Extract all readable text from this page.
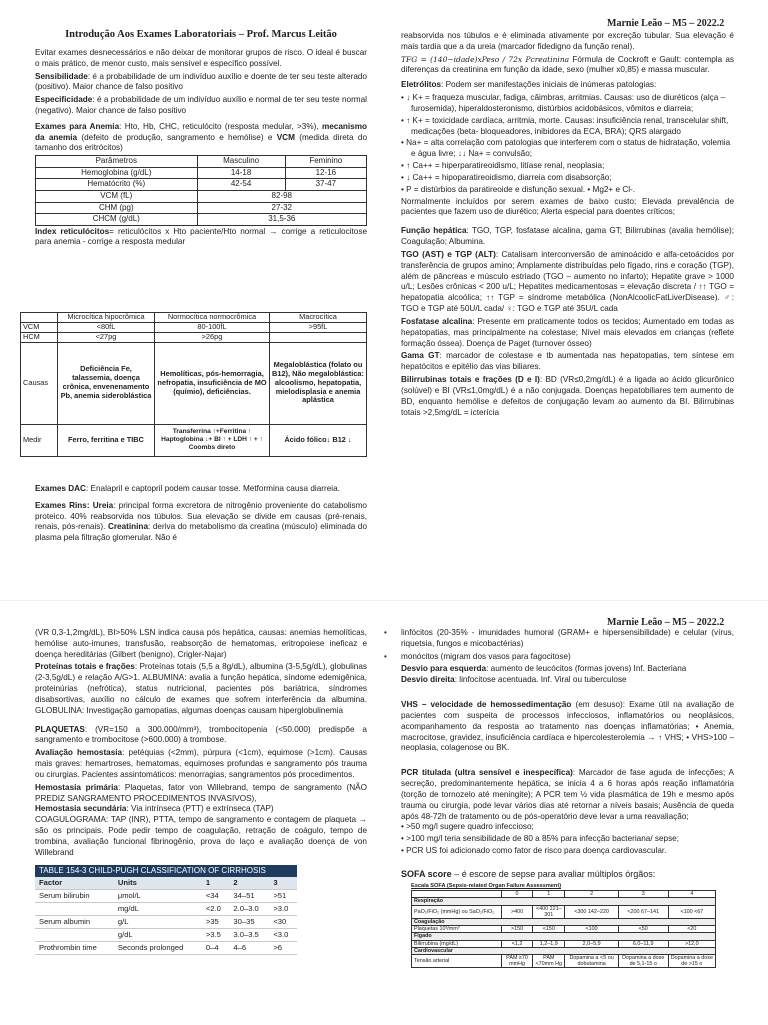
Marnie Leão – M5 – 2022.2
Introdução Aos Exames Laboratoriais – Prof. Marcus Leitão

Evitar exames desnecessários e não deixar de monitorar grupos de risco. O ideal é buscar o mais prático, de menor custo, mais sensível e específico possível.

Sensibilidade: é a probabilidade de um indivíduo auxílio e doente de ter seu teste alterado (positivo). Maior chance de falso positivo

Especificidade: é a probabilidade de um indivíduo auxílio e normal de ter seu teste normal (negativo). Maior chance de falso positivo

Exames para Anemia: Hto, Hb, CHC, reticulócito (resposta medular, >3%), mecanismo da anemia (defeito de produção, sangramento e hemólise) e VCM (medida direta do tamanho dos eritrócitos)

Parâmetros	Masculino	Feminino
Hemoglobina (g/dL)	14-18	12-16
Hematócrito (%)	42-54	37-47
VCM (fL)	82-98	
CHM (pg)	27-32	
CHCM (g/dL)	31,5-36	

Index reticulócitos= reticulócitos x Hto paciente/Hto normal → corrige a reticulocitose para anemia - corrige a resposta medular

	Microcítica hipocrômica	Normocítica normocrômica	Macrocítica
VCM	<80fL	80-100fL	>95fL
HCM	<27pg	>26pg	
Causas	Deficiência Fe, talassemia, doença crônica, envenenamento Pb, anemia sideroblástica	Hemolíticas, pós-hemorragia, nefropatia, insuficiência de MO (químio), deficiências.	Megaloblástica (folato ou B12), Não megaloblástica: alcoolismo, hepatopatia, mielodisplasia e anemia aplástica
Medir	Ferro, ferritina e TIBC	Transferrina ↑+Ferritina ↑ Haptoglobina ↓+ BI ↑ + LDH ↑ + ↑ Coombs direto	Ácido fólico↓ B12 ↓

Exames DAC: Enalapril e captopril podem causar tosse. Metformina causa diarreia.

Exames Rins: Ureia: principal forma excretora de nitrogênio proveniente do catabolismo proteico. 40% reabsorvida nos túbulos. Sua elevação se divide em causas (pré-renais, renais, pós-renais). Creatinina: deriva do metabolismo da creatina (músculo) eliminada do plasma pela filtração glomerular. Não é

reabsorvida nos túbulos e é eliminada ativamente por excreção tubular. Sua elevação é mais tardia que a da ureia (marcador fidedigno da função renal).

TFG = (140−idade)xPeso / 72x Pcreatinina Fórmula de Cockroft e Gault: contempla as diferenças da creatinina em função da idade, sexo (mulher x0,85) e massa muscular.

Eletrólitos: Podem ser manifestações iniciais de inúmeras patologias:

• ↓ K+ = fraqueza muscular, fadiga, câimbras, arritmias. Causas: uso de diuréticos (alça – furosemida), hiperaldosteronismo, distúrbios acidobásicos, vômitos e diarreia;
• ↑ K+ = toxicidade cardíaca, arritmia, morte. Causas: insuficiência renal, transcelular shift, medicações (beta- bloqueadores, inibidores da ECA, BRA); QRS alargado
• Na+ = alta correlação com patologias que interferem com o status de hidratação, volemia e água livre; ↓↓ Na+ = convulsão;
• ↑ Ca++ = hiperparatireoidismo, litíase renal, neoplasia;
• ↓ Ca++ = hipoparatireoidismo, diarreia com disabsorção;
• P = distúrbios da paratireoide e disfunção sexual. • Mg2+ e Cl-.

Normalmente incluídos por serem exames de baixo custo; Elevada prevalência de pacientes que fazem uso de diurético; Alerta especial para doentes críticos;

Função hepática: TGO, TGP, fosfatase alcalina, gama GT; Bilirrubinas (avalia hemólise); Coagulação; Albumina.

TGO (AST) e TGP (ALT): Catalisam interconversão de aminoácido e alfa-cetoácidos por transferência de grupos amino; Amplamente distribuídas pelo fígado, rins e coração (TGP), além de pâncreas e músculo estriado (TGO – aumento no infarto); Hepatite grave > 1000 u/L; Lesões crônicas < 200 u/L; Hepatites medicamentosas = elevação discreta / ↑↑ TGO = hepatopatia alcoólica; ↑↑ TGP = síndrome metabólica (NonAlcoolicFatLiverDisease). ♂: TGO e TGP até 50U/L cada/ ♀: TGO e TGP até 35U/L cada

Fosfatase alcalina: Presente em praticamente todos os tecidos; Aumentado em todas as hepatopatias, mas principalmente na colestase; Nível mais elevados em crianças (reflete formação óssea). Doença de Paget (turnover ósseo)

Gama GT: marcador de colestase e tb aumentada nas hepatopatias, tem síntese em hepatócitos e epitélio das vias biliares.

Bilirrubinas totais e frações (D e I): BD (VR≤0,2mg/dL) é a ligada ao ácido glicurônico (solúvel) e BI (VR≤1,0mg/dL) é a não conjugada. Doenças hepatobiliares tem aumento de BD, enquanto hemólise e defeitos de conjugação levam ao aumento da BI. Bilirrubinas totais >2,5mg/dL = icterícia

Marnie Leão – M5 – 2022.2

(VR 0,3-1,2mg/dL), BI>50% LSN indica causa pós hepática, causas: anemias hemolíticas, hemólise auto-imunes, transfusão, reabsorção de hematomas, eritropoiese ineficaz e doença hereditárias (Gilbert (benigno), Crigler-Najar)

Proteínas totais e frações: Proteínas totais (5,5 a 8g/dL), albumina (3-5,5g/dL), globulinas (2-3,5g/dL) e relação A/G>1. ALBUMINA: avalia a função hepática, síndome edemigênica, proteinúrias (nefrótica), status nutricional, pacientes pós bariátrica, síndromes disabsortivas, auxílio no cálculo de exames que sofrem interferência da albumina. GLOBULINA: Investigação gamopatias, algumas doenças causam hiperglobulinemia

PLAQUETAS: (VR=150 a 300.000/mm³), trombocitopenia (<50.000) predispõe a sangramento e trombocitose (>600.000) à trombose.

Avaliação hemostasia: petéquias (<2mm), púrpura (<1cm), equimose (>1cm). Causas mais graves: hemartroses, hematomas, equimoses profundas e sangramento pós trauma ou cirurgias. Pacientes assintomáticos: menorragias, sangramentos pós procedimentos.

Hemostasia primária: Plaquetas, fator von Willebrand, tempo de sangramento (NÃO PREDIZ SANGRAMENTO PROCEDIMENTOS INVASIVOS),

Hemostasia secundária: Via intrínseca (PTT) e extrínseca (TAP)

COAGULOGRAMA: TAP (INR), PTTA, tempo de sangramento e contagem de plaqueta → são os principais. Pode pedir tempo de coagulação, retração de coágulo, tempo de trombina, avaliação funcional fibrinogênio, prova do laço e avaliação doença de von Willebrand

TABLE 154-3 CHILD-PUGH CLASSIFICATION OF CIRRHOSIS				
Factor	Units	1	2	3
Serum bilirubin	μmol/L	<34	34–51	>51
	mg/dL	<2.0	2.0–3.0	>3.0
Serum albumin	g/L	>35	30–35	<30
	g/dL	>3.5	3.0–3.5	<3.0
Prothrombin time	Seconds prolonged	0–4	4–6	>6

• linfócitos (20-35% - imunidades humoral (GRAM+ e hipersensibilidade) e celular (vírus, riquetsia, fungos e micobactérias)

• monócitos (migram dos vasos para fagocitose)

Desvio para esquerda: aumento de leucócitos (formas jovens) Inf. Bacteriana

Desvio direita: linfocitose acentuada. Inf. Viral ou tuberculose

VHS – velocidade de hemossedimentação (em desuso): Exame útil na avaliação de pacientes com suspeita de processos infecciosos, inflamatórios ou neoplásicos, acompanhamento da resposta ao tratamento nas doenças inflamatórias; • Anemia, macrocitose, gravidez, insuficiência cardíaca e hipercolesterolemia → ↑ VHS; • VHS>100 – neoplasia, colagenose ou BK.

PCR titulada (ultra sensível e inespecífica): Marcador de fase aguda de infecções; A secreção, predominantemente hepática, se inicia 4 a 6 horas após reação inflamatória (torção de tornozelo até meningite); A PCR tem ½ vida plasmática de 19h e mesmo após trauma ou cirurgia, pode levar vários dias até retornar a níveis basais; Ausência de queda após 48-72h de tratamento ou de pós-operatório deve levar a uma reavaliação;

• >50 mg/l sugere quadro infeccioso;
• >100 mg/l teria sensibilidade de 80 a 85% para infecção bacteriana/ sepse;
• PCR US foi adicionado como fator de risco para doença cardiovascular.

SOFA score – é escore de sepse para avaliar múltiplos órgãos:

Escala SOFA (Sepsis-related Organ Failure Assessment)
	0	1	2	3	4
Respiração					
PaO₂/FiO₂ (mmHg) ou SaO₂/FiO₂	>400	<400 221–301	<300 142–220	<200 67–141	<100 <67
Coagulação					
Plaquetas 10³/mm³	>150	<150	<100	<50	<20
Fígado					
Bilirrubina (mg/dL)	<1,2	1,2–1,9	2,0–5,9	6,0–11,9	>12,0
Cardiovascular					
Tensão arterial	PAM ≥70 mmHg	PAM <70mm Hg	Dopamina a <5 ou dobutamina	Dopamina a dose de 5,1-15 o	Dopamina a dose de >15 o
